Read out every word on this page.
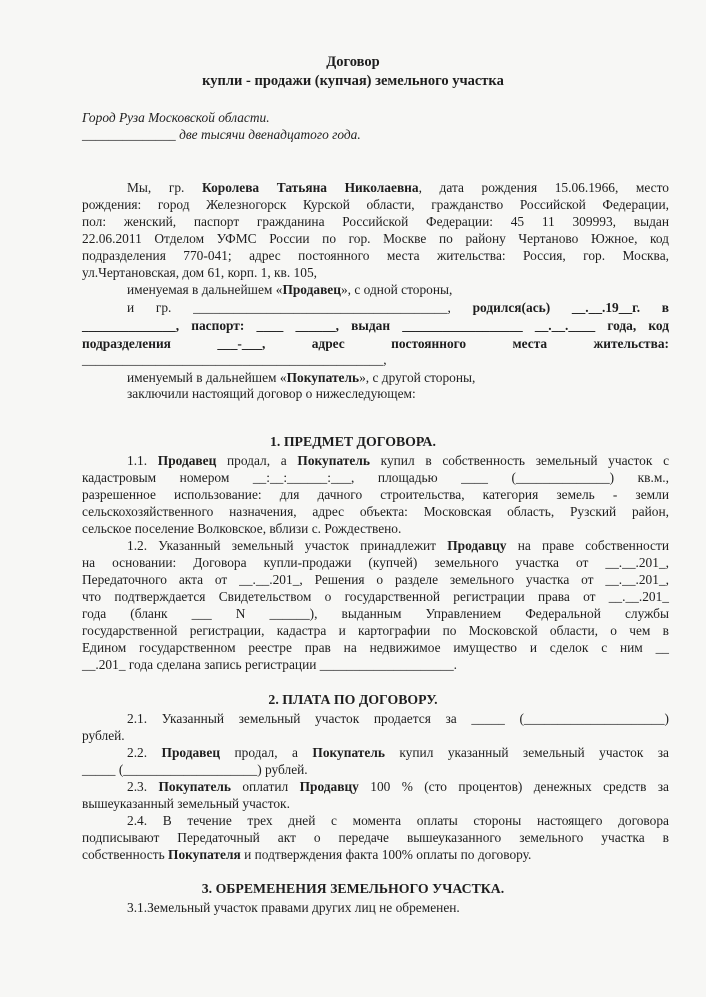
Договор
купли - продажи (купчая) земельного участка
Город Руза Московской области.
______________ две тысячи двенадцатого года.
Мы, гр. Королева Татьяна Николаевна, дата рождения 15.06.1966, место
рождения: город Железногорск Курской области, гражданство Российской Федерации,
пол: женский, паспорт гражданина Российской Федерации: 45 11 309993, выдан
22.06.2011 Отделом УФМС России по гор. Москве по району Чертаново Южное, код
подразделения 770-041; адрес постоянного места жительства: Россия, гор. Москва,
ул.Чертановская, дом 61, корп. 1, кв. 105,
именуемая в дальнейшем «Продавец», с одной стороны,
и гр. ______________________________________, родился(ась) __.__.19__г. в
______________, паспорт: ____ ______, выдан __________________ __.__.____ года, код
подразделения ___-___, адрес постоянного места жительства:
_____________________________________________,
именуемый в дальнейшем «Покупатель», с другой стороны,
заключили настоящий договор о нижеследующем:
1. ПРЕДМЕТ ДОГОВОРА.
1.1. Продавец продал, а Покупатель купил в собственность земельный участок с
кадастровым номером __:__:______:___, площадью ____ (______________) кв.м.,
разрешенное использование: для дачного строительства, категория земель - земли
сельскохозяйственного назначения, адрес объекта: Московская область, Рузский район,
сельское поселение Волковское, вблизи с. Рождествено.
1.2. Указанный земельный участок принадлежит Продавцу на праве собственности
на основании: Договора купли-продажи (купчей) земельного участка от __.__.201_,
Передаточного акта от __.__.201_, Решения о разделе земельного участка от __.__.201_,
что подтверждается Свидетельством о государственной регистрации права от __.__.201_
года (бланк ___ N ______), выданным Управлением Федеральной службы
государственной регистрации, кадастра и картографии по Московской области, о чем в
Едином государственном реестре прав на недвижимое имущество и сделок с ним __
__.201_ года сделана запись регистрации ____________________.
2. ПЛАТА ПО ДОГОВОРУ.
2.1. Указанный земельный участок продается за _____ (_____________________)
рублей.
2.2. Продавец продал, а Покупатель купил указанный земельный участок за
_____ (____________________) рублей.
2.3. Покупатель оплатил Продавцу 100 % (сто процентов) денежных средств за
вышеуказанный земельный участок.
2.4. В течение трех дней с момента оплаты стороны настоящего договора
подписывают Передаточный акт о передаче вышеуказанного земельного участка в
собственность Покупателя и подтверждения факта 100% оплаты по договору.
3. ОБРЕМЕНЕНИЯ ЗЕМЕЛЬНОГО УЧАСТКА.
3.1.Земельный участок правами других лиц не обременен.
